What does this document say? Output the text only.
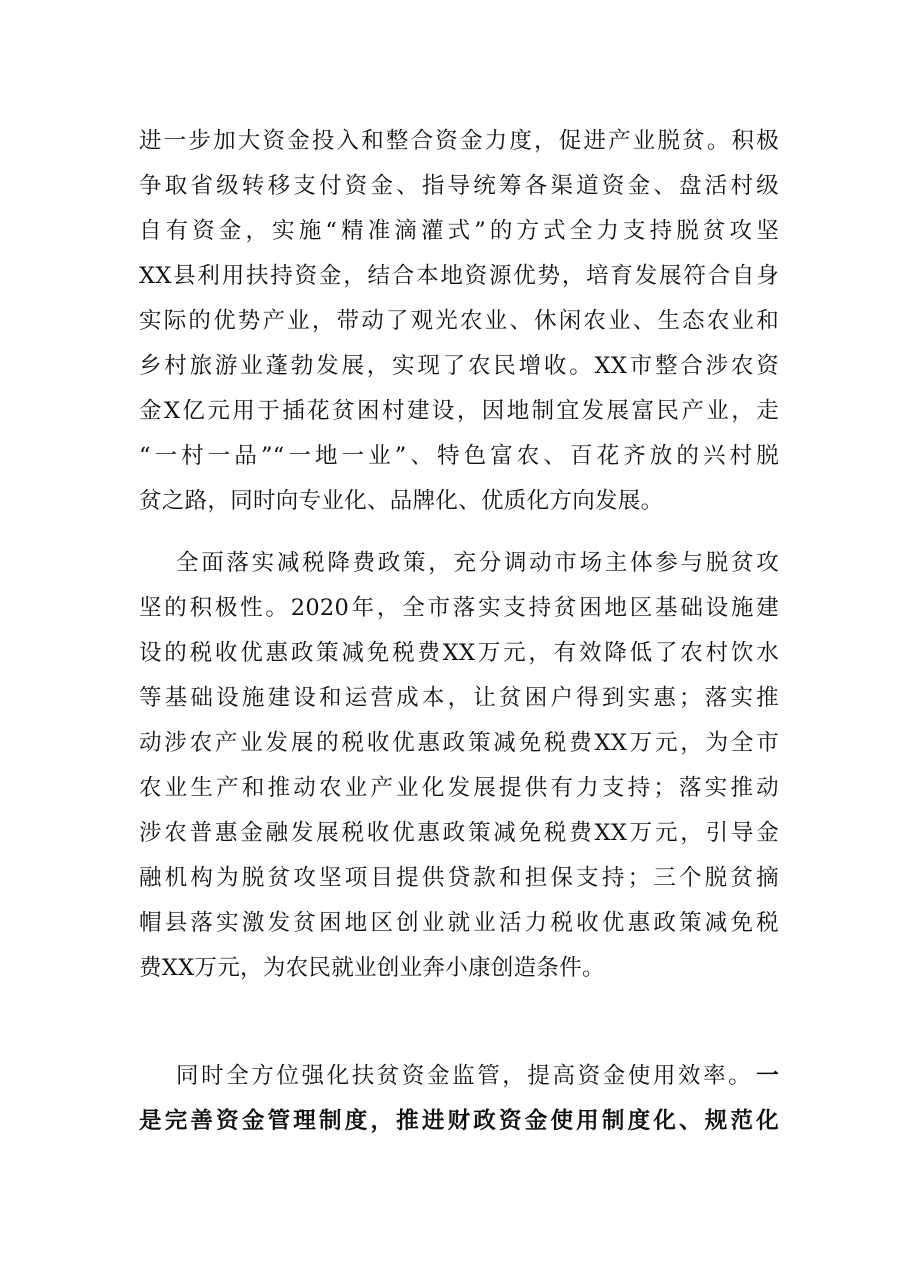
进一步加大资金投入和整合资金力度，促进产业脱贫。积极
争取省级转移支付资金、指导统筹各渠道资金、盘活村级
自有资金，实施“精准滴灌式”的方式全力支持脱贫攻坚
XX县利用扶持资金，结合本地资源优势，培育发展符合自身
实际的优势产业，带动了观光农业、休闲农业、生态农业和
乡村旅游业蓬勃发展，实现了农民增收。XX市整合涉农资
金X亿元用于插花贫困村建设，因地制宜发展富民产业，走
“一村一品”“一地一业”、特色富农、百花齐放的兴村脱
贫之路，同时向专业化、品牌化、优质化方向发展。
全面落实减税降费政策，充分调动市场主体参与脱贫攻
坚的积极性。2020年，全市落实支持贫困地区基础设施建
设的税收优惠政策减免税费XX万元，有效降低了农村饮水
等基础设施建设和运营成本，让贫困户得到实惠；落实推
动涉农产业发展的税收优惠政策减免税费XX万元，为全市
农业生产和推动农业产业化发展提供有力支持；落实推动
涉农普惠金融发展税收优惠政策减免税费XX万元，引导金
融机构为脱贫攻坚项目提供贷款和担保支持；三个脱贫摘
帽县落实激发贫困地区创业就业活力税收优惠政策减免税
费XX万元，为农民就业创业奔小康创造条件。
同时全方位强化扶贫资金监管，提高资金使用效率。 一
是完善资金管理制度，推进财政资金使用制度化、规范化
